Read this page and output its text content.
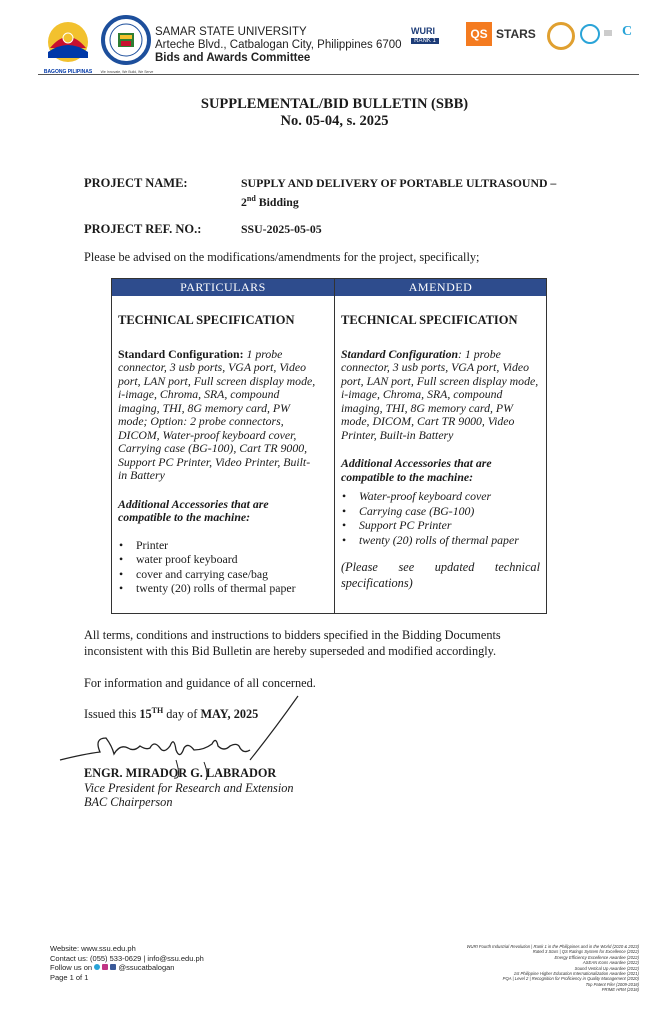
BAGONG PILIPINAS	We Innovate, We Build, We Serve
SAMAR STATE UNIVERSITY
Arteche Blvd., Catbalogan City, Philippines 6700
Bids and Awards Committee
WURI
RANK 1	QS STARS	C
SUPPLEMENTAL/BID BULLETIN (SBB)
No. 05-04, s. 2025
PROJECT NAME:	SUPPLY AND DELIVERY OF PORTABLE ULTRASOUND –
2nd Bidding
PROJECT REF. NO.:	SSU-2025-05-05
Please be advised on the modifications/amendments for the project, specifically;
PARTICULARS	AMENDED
TECHNICAL SPECIFICATION

Standard Configuration: 1 probe connector, 3 usb ports, VGA port, Video port, LAN port, Full screen display mode, i-image, Chroma, SRA, compound imaging, THI, 8G memory card, PW mode; Option: 2 probe connectors, DICOM, Water-proof keyboard cover, Carrying case (BG-100), Cart TR 9000, Support PC Printer, Video Printer, Built-in Battery

Additional Accessories that are compatible to the machine:

• Printer
• water proof keyboard
• cover and carrying case/bag
• twenty (20) rolls of thermal paper
TECHNICAL SPECIFICATION

Standard Configuration: 1 probe connector, 3 usb ports, VGA port, Video port, LAN port, Full screen display mode, i-image, Chroma, SRA, compound imaging, THI, 8G memory card, PW mode, DICOM, Cart TR 9000, Video Printer, Built-in Battery

Additional Accessories that are compatible to the machine:

• Water-proof keyboard cover
• Carrying case (BG-100)
• Support PC Printer
• twenty (20) rolls of thermal paper

(Please see updated technical specifications)

All terms, conditions and instructions to bidders specified in the Bidding Documents inconsistent with this Bid Bulletin are hereby superseded and modified accordingly.
For information and guidance of all concerned.
Issued this 15TH day of MAY, 2025
ENGR. MIRADOR G. LABRADOR
Vice President for Research and Extension
BAC Chairperson
Website: www.ssu.edu.ph
Contact us: (055) 533-0629 | info@ssu.edu.ph
Follow us on	@ssucatbalogan
Page 1 of 1
WURI Fourth Industrial Revolution | Rank 1 in the Philippines and in the World (2020 & 2023)
Rated 3 Stars | QS Ratings System for Excellence (2022)
Energy Efficiency Excellence Awardee (2022)
ASEAN Icons Awardee (2022)
Sound Vertical Up Awardee (2022)
1st Philippine Higher Education Internationalization Awardee (2021)
PQA | Level 2 | Recognition for Proficiency in Quality Management (2020)
Top Patent Filer (2009-2018)
PRIME HRM (2018)
